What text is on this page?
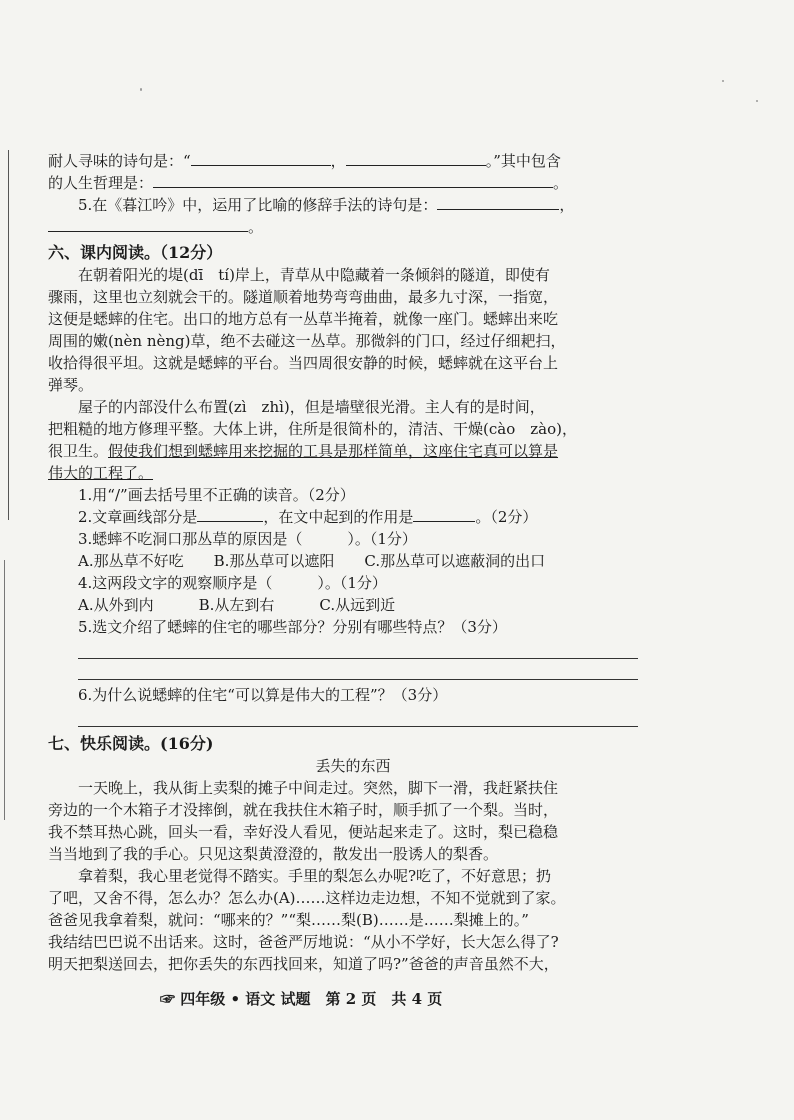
耐人寻味的诗句是：“	，	。”其中包含
的人生哲理是：	。
5.在《暮江吟》中，运用了比喻的修辞手法的诗句是：	，
。
六、课内阅读。（12分）
在朝着阳光的堤(dī　tí)岸上，青草从中隐藏着一条倾斜的隧道，即使有
骤雨，这里也立刻就会干的。隧道顺着地势弯弯曲曲，最多九寸深，一指宽，
这便是蟋蟀的住宅。出口的地方总有一丛草半掩着，就像一座门。蟋蟀出来吃
周围的嫩(nèn nèng)草，绝不去碰这一丛草。那微斜的门口，经过仔细耙扫，
收拾得很平坦。这就是蟋蟀的平台。当四周很安静的时候，蟋蟀就在这平台上
弹琴。
屋子的内部没什么布置(zì　zhì)，但是墙壁很光滑。主人有的是时间，
把粗糙的地方修理平整。大体上讲，住所是很简朴的，清洁、干燥(cào　zào)，
很卫生。假使我们想到蟋蟀用来挖掘的工具是那样简单，这座住宅真可以算是
伟大的工程了。
1.用“/”画去括号里不正确的读音。（2分）
2.文章画线部分是	，在文中起到的作用是	。（2分）
3.蟋蟀不吃洞口那丛草的原因是（　　　）。（1分）
A.那丛草不好吃　　B.那丛草可以遮阳　　C.那丛草可以遮蔽洞的出口
4.这两段文字的观察顺序是（　　　）。（1分）
A.从外到内　　　B.从左到右　　　C.从远到近
5.选文介绍了蟋蟀的住宅的哪些部分？分别有哪些特点？（3分）
6.为什么说蟋蟀的住宅“可以算是伟大的工程”？（3分）
七、快乐阅读。(16分)
丢失的东西
一天晚上，我从街上卖梨的摊子中间走过。突然，脚下一滑，我赶紧扶住
旁边的一个木箱子才没摔倒，就在我扶住木箱子时，顺手抓了一个梨。当时，
我不禁耳热心跳，回头一看，幸好没人看见，便站起来走了。这时，梨已稳稳
当当地到了我的手心。只见这梨黄澄澄的，散发出一股诱人的梨香。
拿着梨，我心里老觉得不踏实。手里的梨怎么办呢?吃了，不好意思；扔
了吧，又舍不得，怎么办？怎么办(A)……这样边走边想，不知不觉就到了家。
爸爸见我拿着梨，就问：“哪来的？”“梨……梨(B)……是……梨摊上的。”
我结结巴巴说不出话来。这时，爸爸严厉地说：“从小不学好，长大怎么得了?
明天把梨送回去，把你丢失的东西找回来，知道了吗?”爸爸的声音虽然不大，
☞ 四年级 • 语文 试题　第 2 页　共 4 页
